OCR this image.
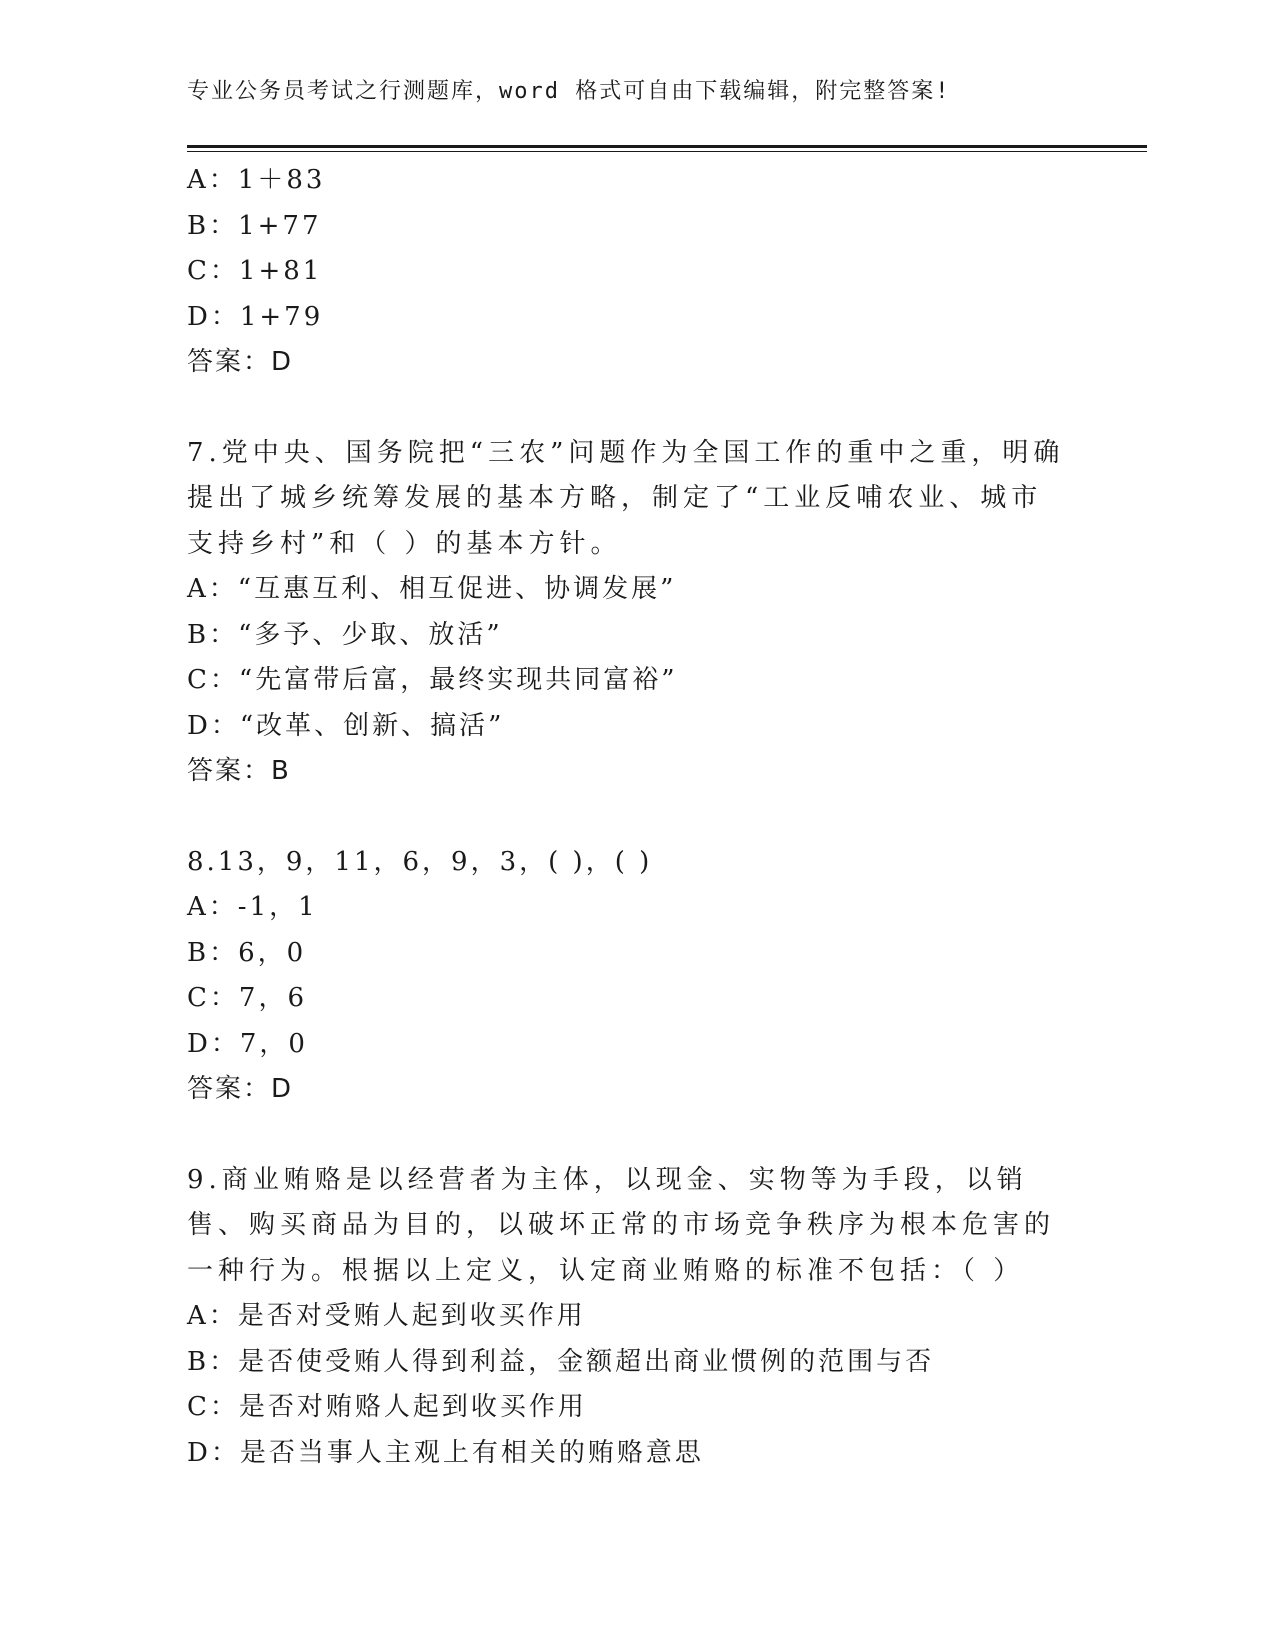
专业公务员考试之行测题库，word 格式可自由下载编辑，附完整答案!
A：1＋83
B：1+77
C：1+81
D：1+79
答案：D
7.党中央、国务院把“三农”问题作为全国工作的重中之重，明确提出了城乡统筹发展的基本方略，制定了“工业反哺农业、城市支持乡村”和（ ）的基本方针。
A：“互惠互利、相互促进、协调发展”
B：“多予、少取、放活”
C：“先富带后富，最终实现共同富裕”
D：“改革、创新、搞活”
答案：B
8.13，9，11，6，9，3，( )，( )
A：-1，1
B：6，0
C：7，6
D：7，0
答案：D
9.商业贿赂是以经营者为主体，以现金、实物等为手段，以销售、购买商品为目的，以破坏正常的市场竞争秩序为根本危害的一种行为。根据以上定义，认定商业贿赂的标准不包括：（ ）
A：是否对受贿人起到收买作用
B：是否使受贿人得到利益，金额超出商业惯例的范围与否
C：是否对贿赂人起到收买作用
D：是否当事人主观上有相关的贿赂意思
